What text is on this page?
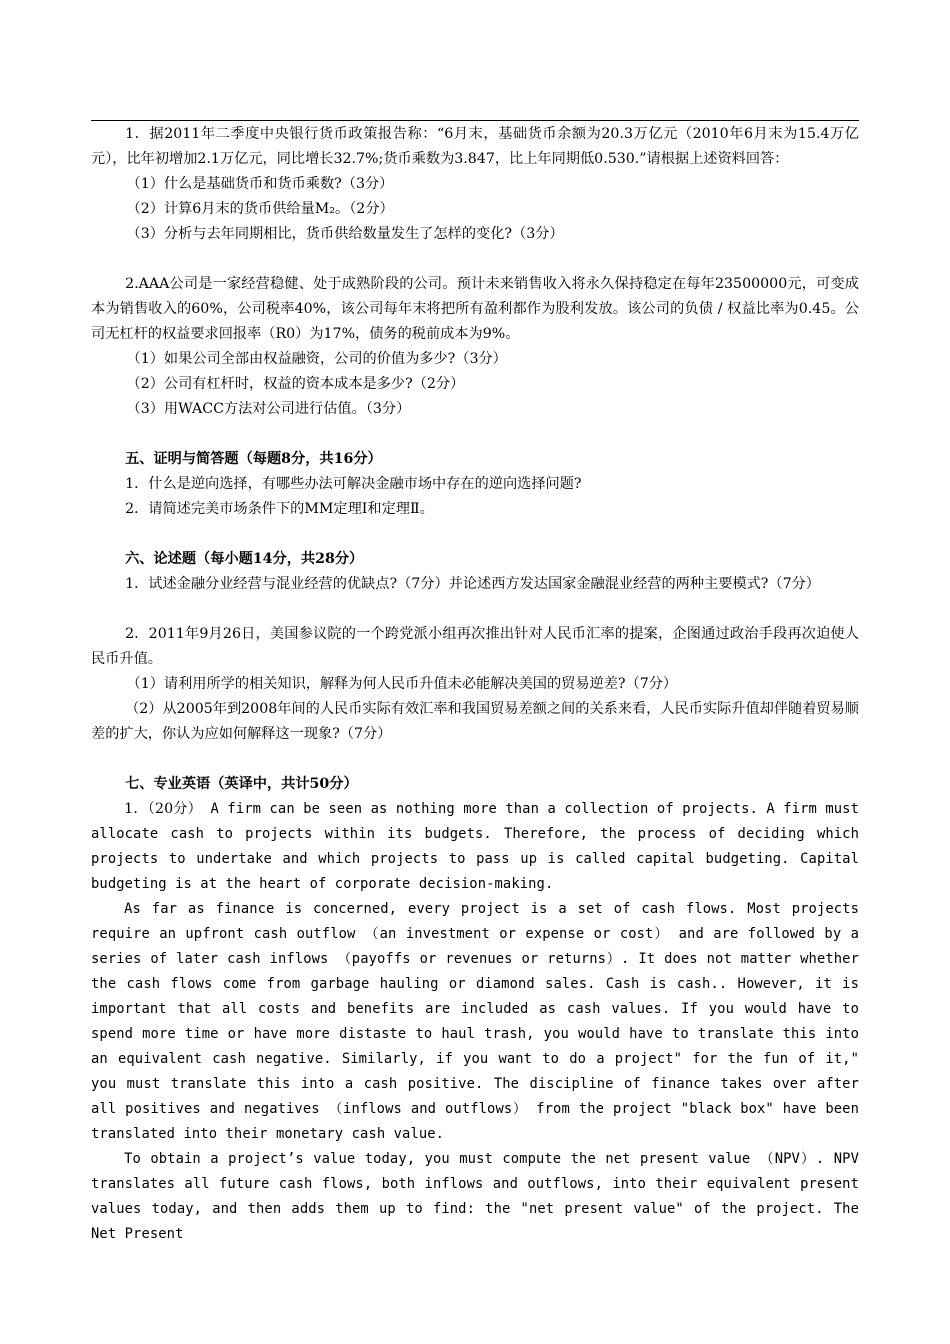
1．据2011年二季度中央银行货币政策报告称：“6月末，基础货币余额为20.3万亿元（2010年6月末为15.4万亿元），比年初增加2.1万亿元，同比增长32.7%;货币乘数为3.847，比上年同期低0.530.”请根据上述资料回答：

（1）什么是基础货币和货币乘数?（3分）

（2）计算6月末的货币供给量M₂。（2分）

（3）分析与去年同期相比，货币供给数量发生了怎样的变化?（3分）

2.AAA公司是一家经营稳健、处于成熟阶段的公司。预计未来销售收入将永久保持稳定在每年23500000元，可变成本为销售收入的60%，公司税率40%，该公司每年末将把所有盈利都作为股利发放。该公司的负债 / 权益比率为0.45。公司无杠杆的权益要求回报率（R0）为17%，债务的税前成本为9%。

（1）如果公司全部由权益融资，公司的价值为多少?（3分）

（2）公司有杠杆时，权益的资本成本是多少?（2分）

（3）用WACC方法对公司进行估值。（3分）

五、证明与简答题（每题8分，共16分）

1．什么是逆向选择，有哪些办法可解决金融市场中存在的逆向选择问题?

2．请简述完美市场条件下的MM定理Ⅰ和定理Ⅱ。

六、论述题（每小题14分，共28分）

1．试述金融分业经营与混业经营的优缺点?（7分）并论述西方发达国家金融混业经营的两种主要模式?（7分）

2．2011年9月26日，美国参议院的一个跨党派小组再次推出针对人民币汇率的提案，企图通过政治手段再次迫使人民币升值。

（1）请利用所学的相关知识，解释为何人民币升值未必能解决美国的贸易逆差?（7分）

（2）从2005年到2008年间的人民币实际有效汇率和我国贸易差额之间的关系来看，人民币实际升值却伴随着贸易顺差的扩大，你认为应如何解释这一现象?（7分）

七、专业英语（英译中，共计50分）

1．（20分） A firm can be seen as nothing more than a collection of projects. A firm must allocate cash to projects within its budgets. Therefore, the process of deciding which projects to undertake and which projects to pass up is called capital budgeting. Capital budgeting is at the heart of corporate decision-making.

As far as finance is concerned, every project is a set of cash flows. Most projects require an upfront cash outflow （an investment or expense or cost） and are followed by a series of later cash inflows （payoffs or revenues or returns）. It does not matter whether the cash flows come from garbage hauling or diamond sales. Cash is cash.. However, it is important that all costs and benefits are included as cash values. If you would have to spend more time or have more distaste to haul trash, you would have to translate this into an equivalent cash negative. Similarly, if you want to do a project" for the fun of it," you must translate this into a cash positive. The discipline of finance takes over after all positives and negatives （inflows and outflows） from the project "black box" have been translated into their monetary cash value.

To obtain a project’s value today, you must compute the net present value （NPV）. NPV translates all future cash flows, both inflows and outflows, into their equivalent present values today, and then adds them up to find: the "net present value" of the project. The Net Present
